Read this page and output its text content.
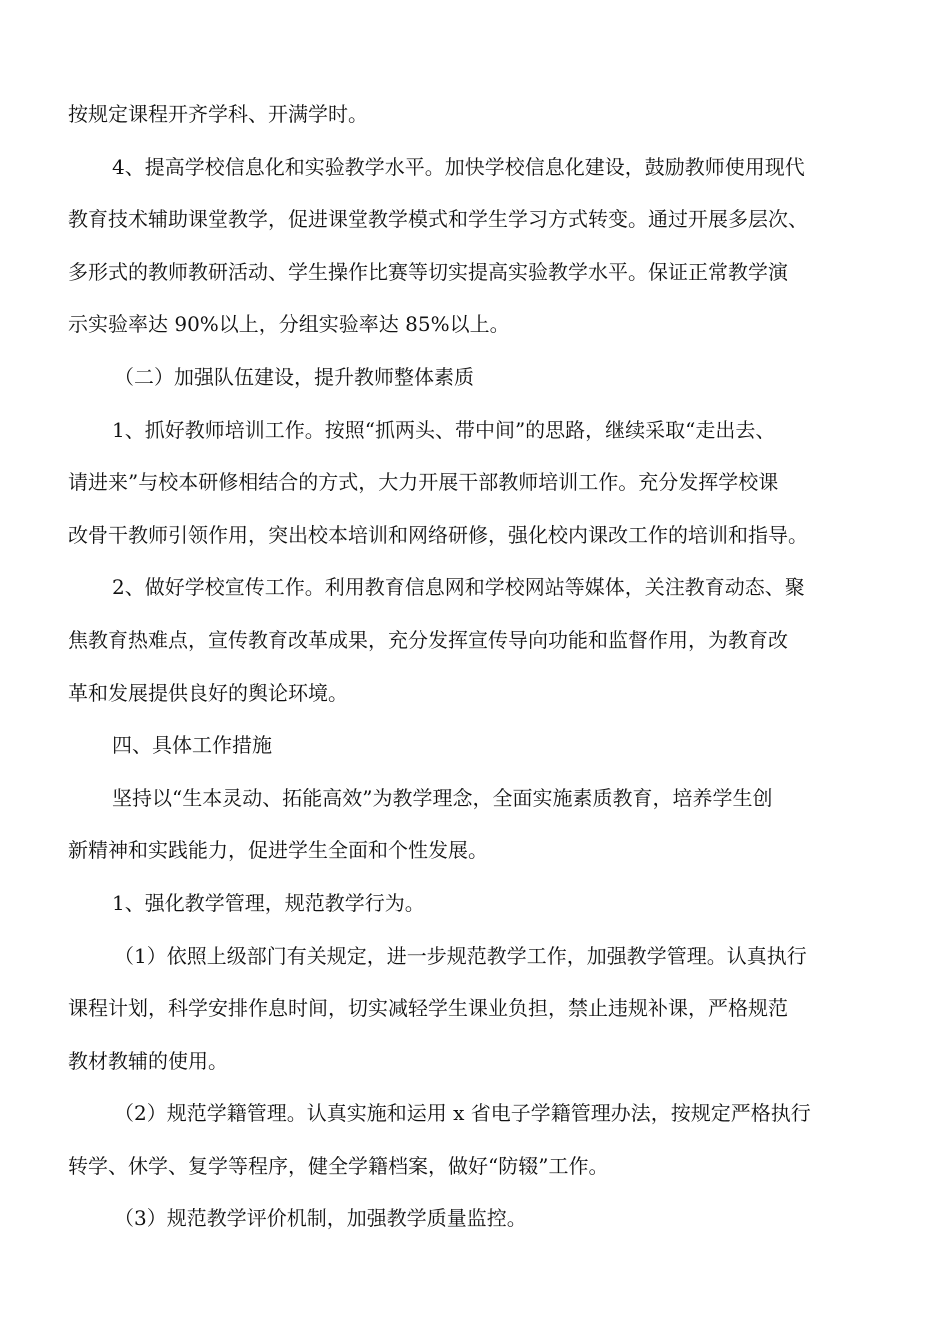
按规定课程开齐学科、开满学时。
4、提高学校信息化和实验教学水平。加快学校信息化建设，鼓励教师使用现代
教育技术辅助课堂教学，促进课堂教学模式和学生学习方式转变。通过开展多层次、
多形式的教师教研活动、学生操作比赛等切实提高实验教学水平。保证正常教学演
示实验率达 90%以上，分组实验率达 85%以上。
（二）加强队伍建设，提升教师整体素质
1、抓好教师培训工作。按照“抓两头、带中间”的思路，继续采取“走出去、
请进来”与校本研修相结合的方式，大力开展干部教师培训工作。充分发挥学校课
改骨干教师引领作用，突出校本培训和网络研修，强化校内课改工作的培训和指导。
2、做好学校宣传工作。利用教育信息网和学校网站等媒体，关注教育动态、聚
焦教育热难点，宣传教育改革成果，充分发挥宣传导向功能和监督作用，为教育改
革和发展提供良好的舆论环境。
四、具体工作措施
坚持以“生本灵动、拓能高效”为教学理念，全面实施素质教育，培养学生创
新精神和实践能力，促进学生全面和个性发展。
1、强化教学管理，规范教学行为。
（1）依照上级部门有关规定，进一步规范教学工作，加强教学管理。认真执行
课程计划，科学安排作息时间，切实减轻学生课业负担，禁止违规补课，严格规范
教材教辅的使用。
（2）规范学籍管理。认真实施和运用 x 省电子学籍管理办法，按规定严格执行
转学、休学、复学等程序，健全学籍档案，做好“防辍”工作。
（3）规范教学评价机制，加强教学质量监控。
